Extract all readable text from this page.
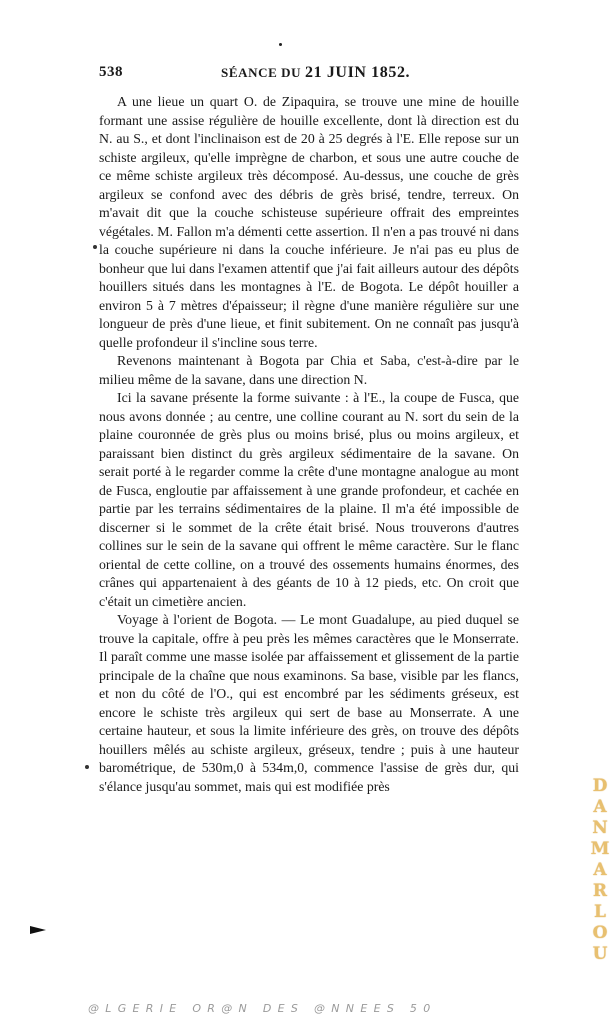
538	SÉANCE DU 21 JUIN 1852.

A une lieue un quart O. de Zipaquira, se trouve une mine de houille formant une assise régulière de houille excellente, dont là direction est du N. au S., et dont l'inclinaison est de 20 à 25 degrés à l'E. Elle repose sur un schiste argileux, qu'elle imprègne de charbon, et sous une autre couche de ce même schiste argileux très décomposé. Au-dessus, une couche de grès argileux se confond avec des débris de grès brisé, tendre, terreux. On m'avait dit que la couche schisteuse supérieure offrait des empreintes végétales. M. Fallon m'a démenti cette assertion. Il n'en a pas trouvé ni dans la couche supérieure ni dans la couche inférieure. Je n'ai pas eu plus de bonheur que lui dans l'examen attentif que j'ai fait ailleurs autour des dépôts houillers situés dans les montagnes à l'E. de Bogota. Le dépôt houiller a environ 5 à 7 mètres d'épaisseur; il règne d'une manière régulière sur une longueur de près d'une lieue, et finit subitement. On ne connaît pas jusqu'à quelle profondeur il s'incline sous terre.

Revenons maintenant à Bogota par Chia et Saba, c'est-à-dire par le milieu même de la savane, dans une direction N.

Ici la savane présente la forme suivante : à l'E., la coupe de Fusca, que nous avons donnée ; au centre, une colline courant au N. sort du sein de la plaine couronnée de grès plus ou moins brisé, plus ou moins argileux, et paraissant bien distinct du grès argileux sédimentaire de la savane. On serait porté à le regarder comme la crête d'une montagne analogue au mont de Fusca, engloutie par affaissement à une grande profondeur, et cachée en partie par les terrains sédimentaires de la plaine. Il m'a été impossible de discerner si le sommet de la crête était brisé. Nous trouverons d'autres collines sur le sein de la savane qui offrent le même caractère. Sur le flanc oriental de cette colline, on a trouvé des ossements humains énormes, des crânes qui appartenaient à des géants de 10 à 12 pieds, etc. On croit que c'était un cimetière ancien.

Voyage à l'orient de Bogota. — Le mont Guadalupe, au pied duquel se trouve la capitale, offre à peu près les mêmes caractères que le Monserrate. Il paraît comme une masse isolée par affaissement et glissement de la partie principale de la chaîne que nous examinons. Sa base, visible par les flancs, et non du côté de l'O., qui est encombré par les sédiments gréseux, est encore le schiste très argileux qui sert de base au Monserrate. A une certaine hauteur, et sous la limite inférieure des grès, on trouve des dépôts houillers mêlés au schiste argileux, gréseux, tendre ; puis à une hauteur barométrique, de 530m,0 à 534m,0, commence l'assise de grès dur, qui s'élance jusqu'au sommet, mais qui est modifiée près	DANMARLOU
@LGERIE OR@N DES @NNEES 50
